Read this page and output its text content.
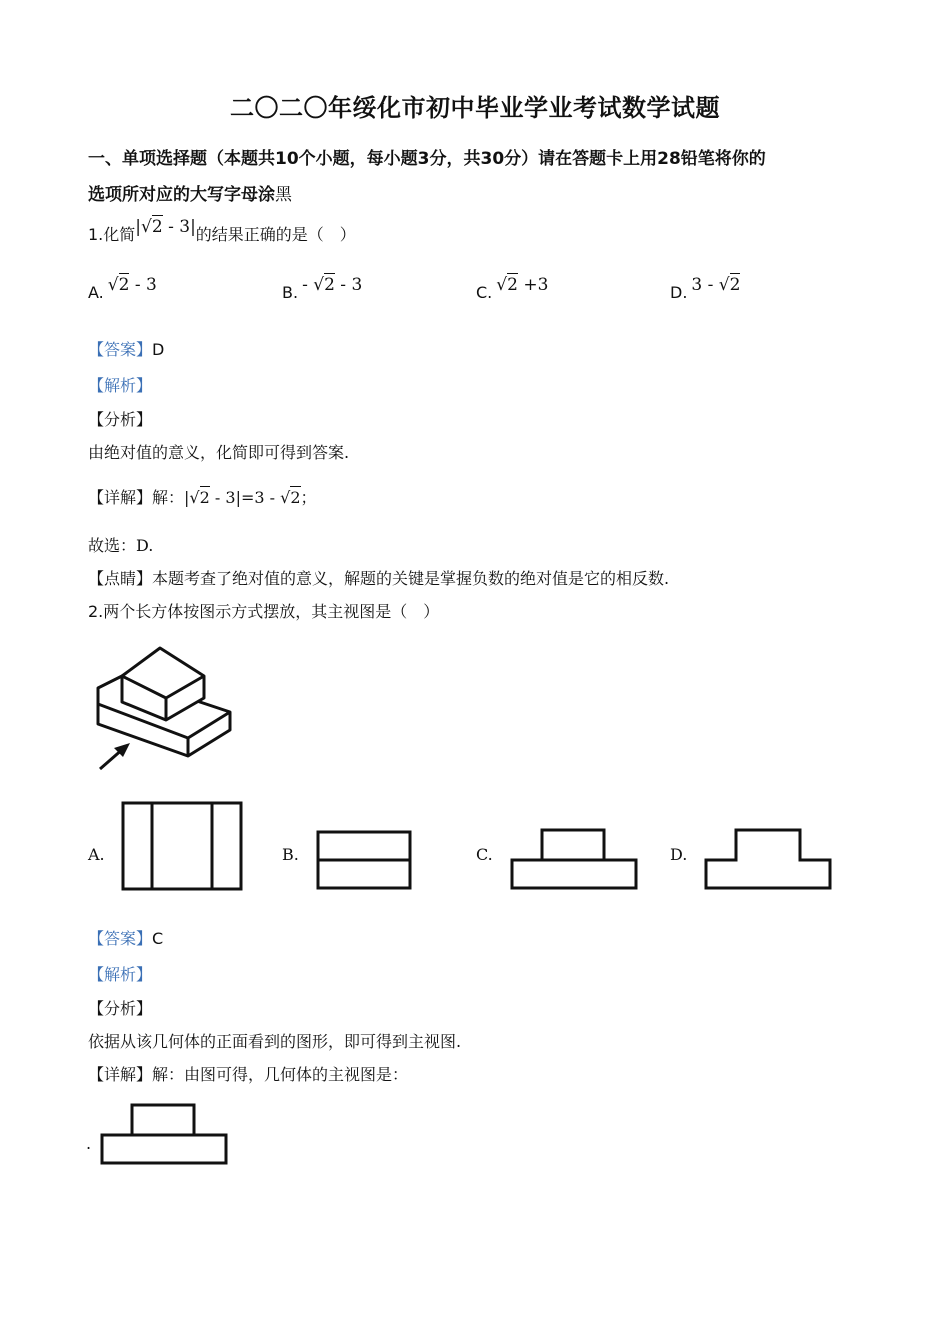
二〇二〇年绥化市初中毕业学业考试数学试题
一、单项选择题（本题共10个小题，每小题3分，共30分）请在答题卡上用28铅笔将你的
选项所对应的大写字母涂黑
1.化简|√2 - 3|的结果正确的是（　）
A. √2 - 3	B. - √2 - 3	C. √2 +3	D. 3 - √2
【答案】D
【解析】
【分析】
由绝对值的意义，化简即可得到答案.
【详解】解：|√2 - 3|=3 - √2；
故选：D.
【点睛】本题考查了绝对值的意义，解题的关键是掌握负数的绝对值是它的相反数.
2.两个长方体按图示方式摆放，其主视图是（　）
A.	B.	C.	D.
【答案】C
【解析】
【分析】
依据从该几何体的正面看到的图形，即可得到主视图.
【详解】解：由图可得，几何体的主视图是：
.
